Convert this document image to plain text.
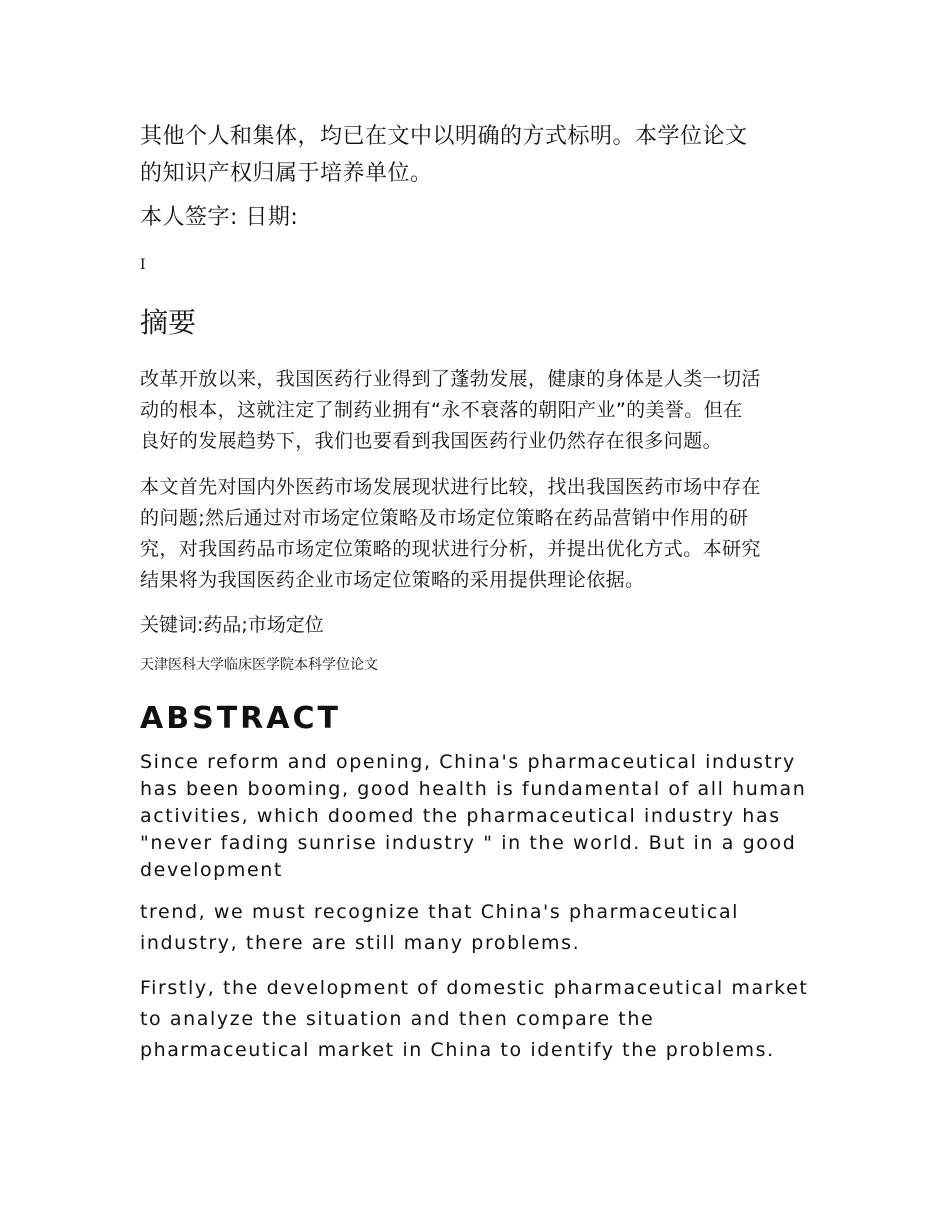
其他个人和集体，均已在文中以明确的方式标明。本学位论文
的知识产权归属于培养单位。

本人签字: 日期:

I

摘要

改革开放以来，我国医药行业得到了蓬勃发展，健康的身体是人类一切活
动的根本，这就注定了制药业拥有“永不衰落的朝阳产业”的美誉。但在
良好的发展趋势下，我们也要看到我国医药行业仍然存在很多问题。

本文首先对国内外医药市场发展现状进行比较，找出我国医药市场中存在
的问题;然后通过对市场定位策略及市场定位策略在药品营销中作用的研
究，对我国药品市场定位策略的现状进行分析，并提出优化方式。本研究
结果将为我国医药企业市场定位策略的采用提供理论依据。

关键词:药品;市场定位

天津医科大学临床医学院本科学位论文

ABSTRACT

Since reform and opening, China's pharmaceutical industry
has been booming, good health is fundamental of all human
activities, which doomed the pharmaceutical industry has
"never fading sunrise industry " in the world. But in a good
development

trend, we must recognize that China's pharmaceutical
industry, there are still many problems.

Firstly, the development of domestic pharmaceutical market
to analyze the situation and then compare the
pharmaceutical market in China to identify the problems.
